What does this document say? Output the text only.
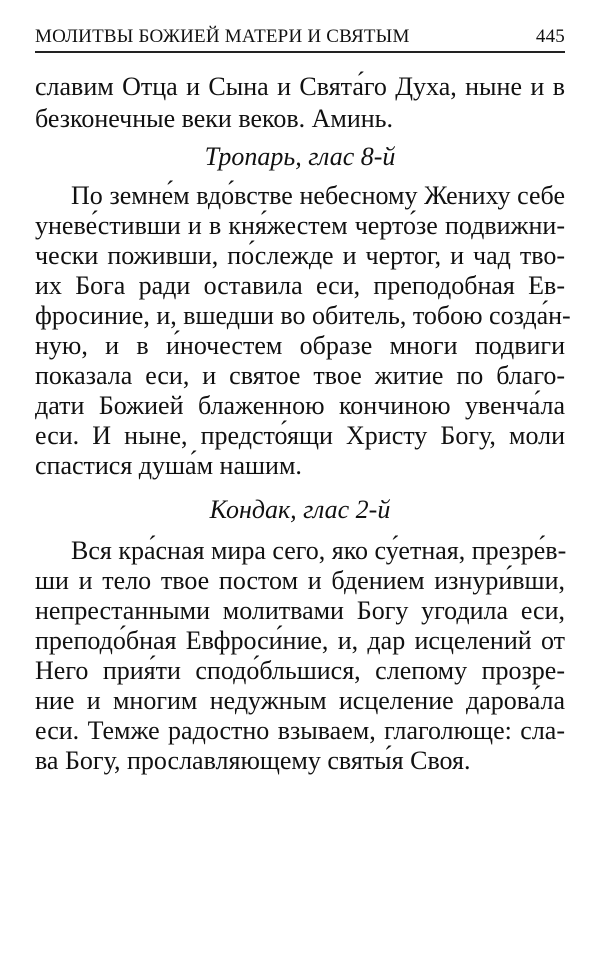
МОЛИТВЫ БОЖИЕЙ МАТЕРИ И СВЯТЫМ	445
славим Отца и Сына и Свята́го Духа, ныне и в
безконечные веки веков. Аминь.
Тропарь, глас 8-й
По земне́м вдо́встве небесному Жениху себе
уневе́стивши и в кня́жестем черто́зе подвижни-
чески поживши, по́слежде и чертог, и чад тво-
их Бога ради оставила еси, преподобная Ев-
фросиние, и, вшедши во обитель, тобою созда́н-
ную, и в и́ночестем образе многи подвиги
показала еси, и святое твое житие по благо-
дати Божией блаженною кончиною увенча́ла
еси. И ныне, предсто́ящи Христу Богу, моли
спастися душа́м нашим.
Кондак, глас 2-й
Вся кра́сная мира сего, яко су́етная, презре́в-
ши и тело твое постом и бдением изнури́вши,
непрестанными молитвами Богу угодила еси,
преподо́бная Евфроси́ние, и, дар исцелений от
Него прия́ти сподо́бльшися, слепому прозре-
ние и многим недужным исцеление дарова́ла
еси. Темже радостно взываем, глаголюще: сла-
ва Богу, прославляющему святы́я Своя.
